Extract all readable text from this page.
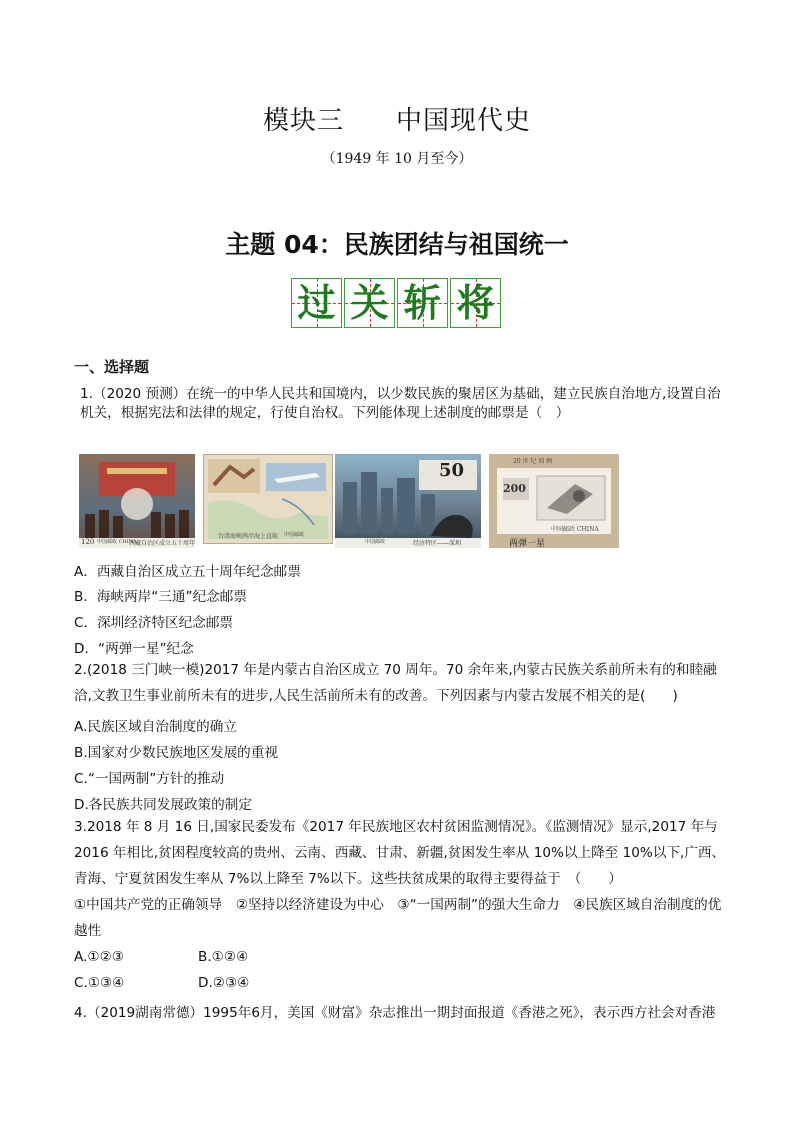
模块三 中国现代史
（1949 年 10 月至今）
主题 04：民族团结与祖国统一
过 关 斩 将
一、选择题
1.（2020 预测）在统一的中华人民共和国境内，以少数民族的聚居区为基础，建立民族自治地方,设置自治机关，根据宪法和法律的规定，行使自治权。下列能体现上述制度的邮票是（　）
120	西藏自治区成立五十周年
中国邮政 CHINA
台湾海峡两岸海上直航 中国邮政
50
经济特区——深圳
中国邮政
20 世 纪 回 顾
200
中国邮政 CHINA
两弹一星
A．西藏自治区成立五十周年纪念邮票
B．海峡两岸“三通”纪念邮票
C．深圳经济特区纪念邮票
D．“两弹一星”纪念
2.(2018 三门峡一模)2017 年是内蒙古自治区成立 70 周年。70 余年来,内蒙古民族关系前所未有的和睦融洽,文教卫生事业前所未有的进步,人民生活前所未有的改善。下列因素与内蒙古发展不相关的是(　　)
A.民族区域自治制度的确立
B.国家对少数民族地区发展的重视
C.“一国两制”方针的推动
D.各民族共同发展政策的制定
3.2018 年 8 月 16 日,国家民委发布《2017 年民族地区农村贫困监测情况》。《监测情况》显示,2017 年与 2016 年相比,贫困程度较高的贵州、云南、西藏、甘肃、新疆,贫困发生率从 10%以上降至 10%以下,广西、青海、宁夏贫困发生率从 7%以上降至 7%以下。这些扶贫成果的取得主要得益于　（　　）
①中国共产党的正确领导　②坚持以经济建设为中心　③“一国两制”的强大生命力　④民族区域自治制度的优越性
A.①②③	B.①②④
C.①③④	D.②③④
4.（2019湖南常德）1995年6月，美国《财富》杂志推出一期封面报道《香港之死》，表示西方社会对香港
